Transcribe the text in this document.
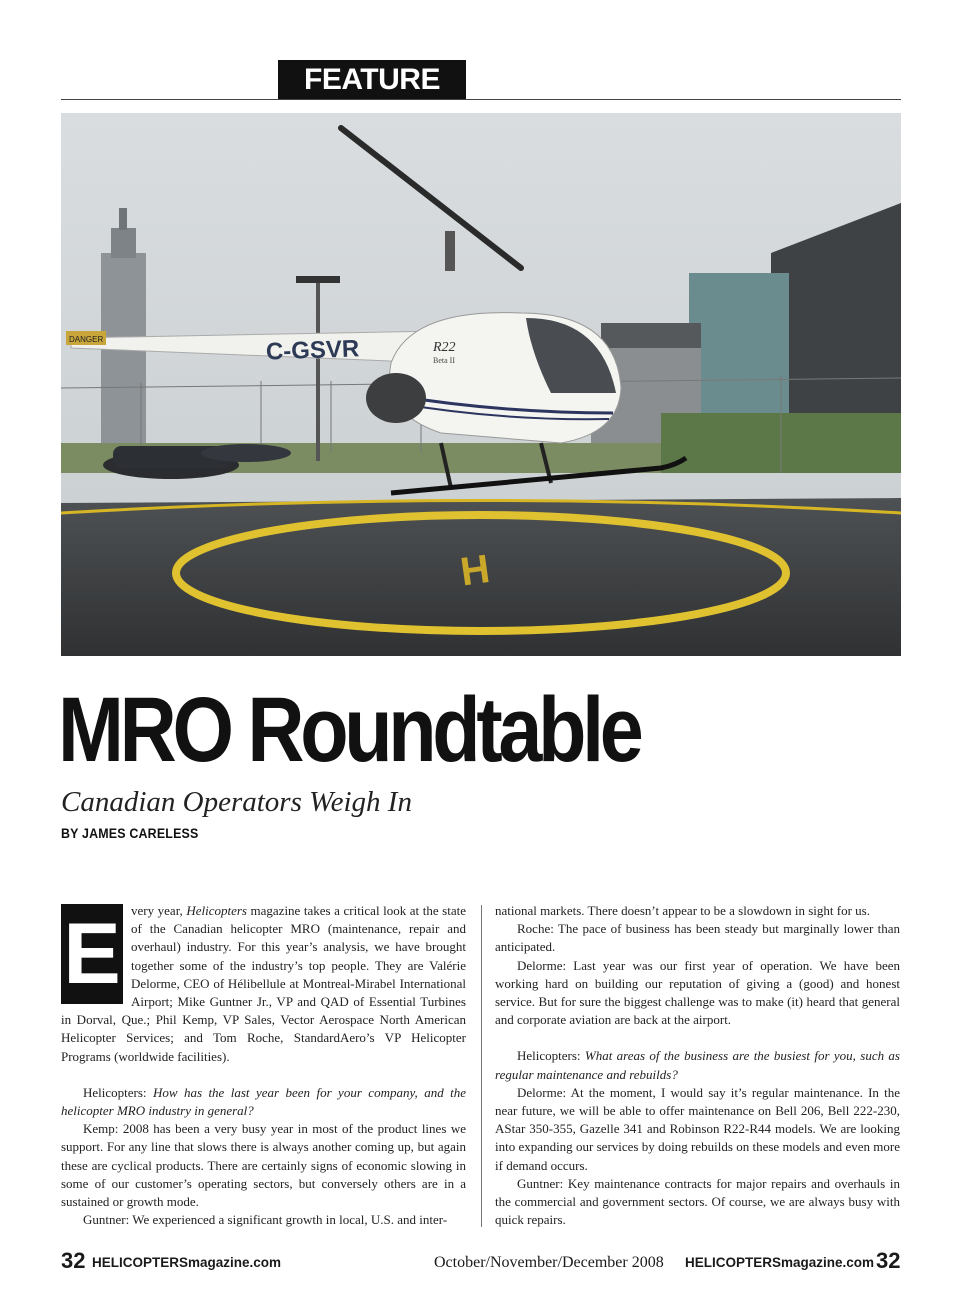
FEATURE
H
DANGER	C-GSVR	R22
Beta II
MRO Roundtable
Canadian Operators Weigh In
BY JAMES CARELESS

E very year, Helicopters magazine takes a critical look at the state of the Canadian helicopter MRO (maintenance, repair and overhaul) industry. For this year’s analysis, we have brought together some of the industry’s top people. They are Valérie Delorme, CEO of Hélibellule at Montreal-Mirabel International Airport; Mike Guntner Jr., VP and QAD of Essential Turbines in Dorval, Que.; Phil Kemp, VP Sales, Vector Aerospace North American Helicopter Services; and Tom Roche, StandardAero’s VP Helicopter Programs (worldwide facilities).

Helicopters: How has the last year been for your company, and the helicopter MRO industry in general?

Kemp: 2008 has been a very busy year in most of the product lines we support. For any line that slows there is always another coming up, but again these are cyclical products. There are certainly signs of economic slowing in some of our customer’s operating sectors, but conversely others are in a sustained or growth mode.

Guntner: We experienced a significant growth in local, U.S. and inter-

national markets. There doesn’t appear to be a slowdown in sight for us.

Roche: The pace of business has been steady but marginally lower than anticipated.

Delorme: Last year was our first year of operation. We have been working hard on building our reputation of giving a (good) and honest service. But for sure the biggest challenge was to make (it) heard that general and corporate aviation are back at the airport.

Helicopters: What areas of the business are the busiest for you, such as regular maintenance and rebuilds?

Delorme: At the moment, I would say it’s regular maintenance. In the near future, we will be able to offer maintenance on Bell 206, Bell 222-230, AStar 350-355, Gazelle 341 and Robinson R22-R44 models. We are looking into expanding our services by doing rebuilds on these models and even more if demand occurs.

Guntner: Key maintenance contracts for major repairs and overhauls in the commercial and government sectors. Of course, we are always busy with quick repairs.

32 HELICOPTERSmagazine.com	October/November/December 2008 HELICOPTERSmagazine.com 32
